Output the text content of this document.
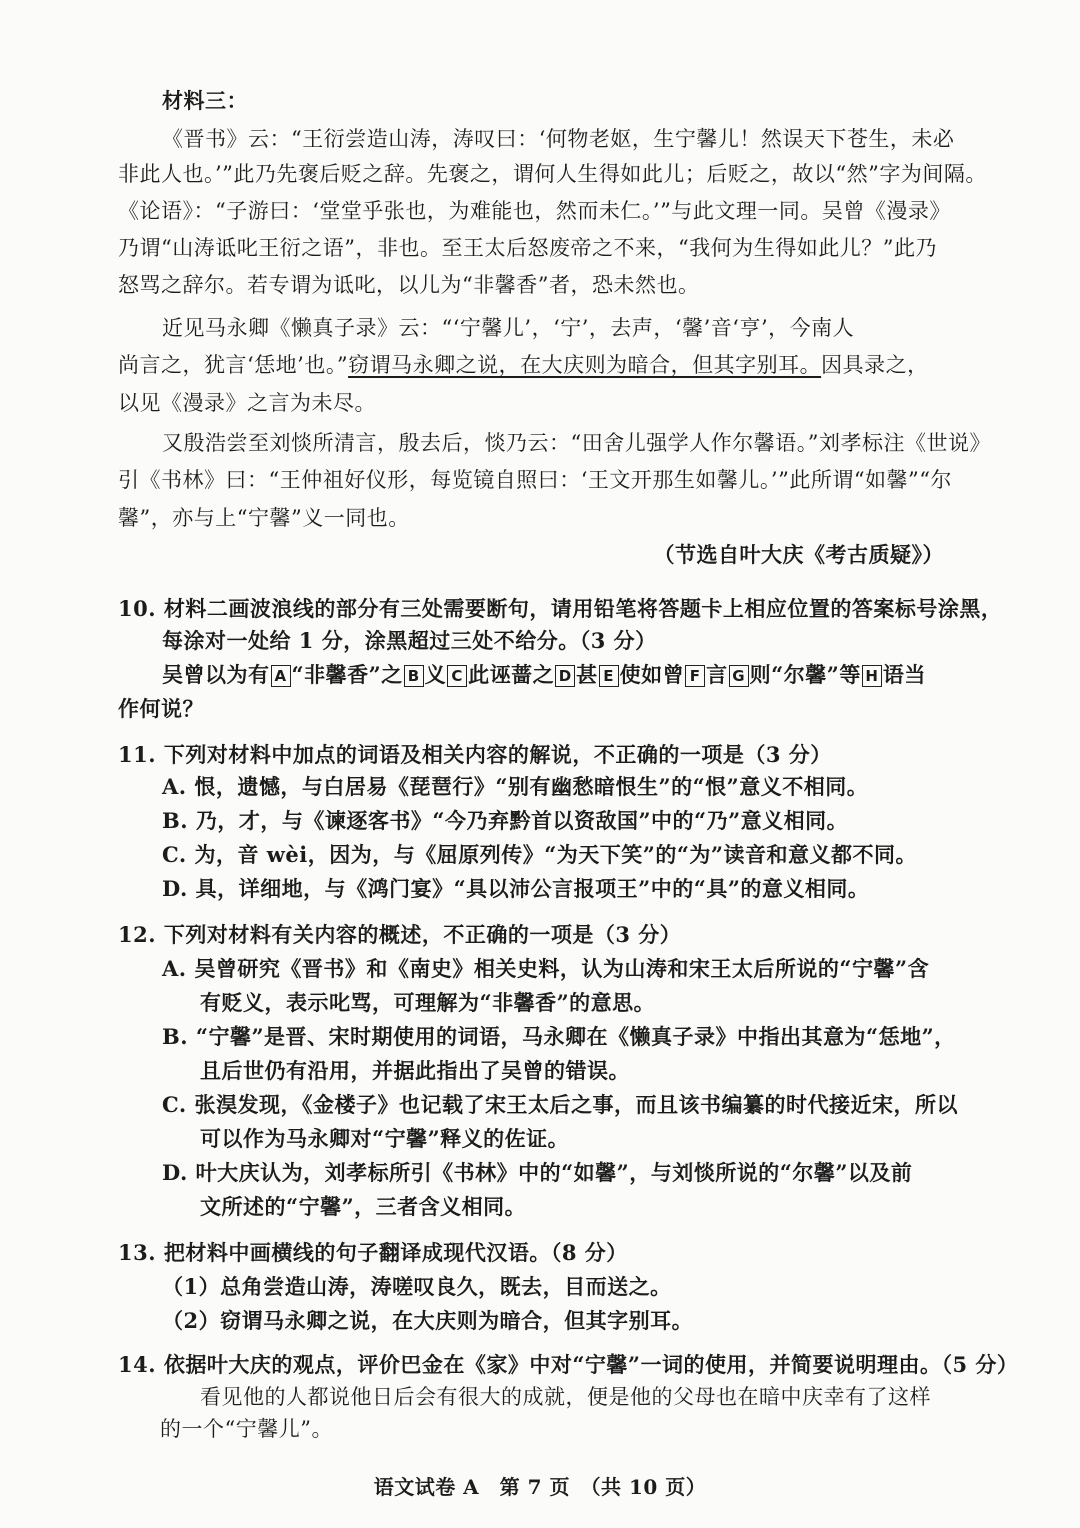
材料三：
《晋书》云：“王衍尝造山涛，涛叹曰：‘何物老妪，生宁馨儿！然误天下苍生，未必
非此人也。’”此乃先褒后贬之辞。先褒之，谓何人生得如此儿；后贬之，故以“然”字为间隔。
《论语》：“子游曰：‘堂堂乎张也，为难能也，然而未仁。’”与此文理一同。吴曾《漫录》
乃谓“山涛诋叱王衍之语”，非也。至王太后怒废帝之不来，“我何为生得如此儿？”此乃
怒骂之辞尔。若专谓为诋叱，以儿为“非馨香”者，恐未然也。
近见马永卿《懒真子录》云：“‘宁馨儿’，‘宁’，去声，‘馨’音‘亨’，今南人
尚言之，犹言‘恁地’也。”窃谓马永卿之说，在大庆则为暗合，但其字别耳。因具录之，
以见《漫录》之言为未尽。
又殷浩尝至刘惔所清言，殷去后，惔乃云：“田舍儿强学人作尔馨语。”刘孝标注《世说》
引《书林》曰：“王仲祖好仪形，每览镜自照曰：‘王文开那生如馨儿。’”此所谓“如馨”“尔
馨”，亦与上“宁馨”义一同也。
（节选自叶大庆《考古质疑》）
10. 材料二画波浪线的部分有三处需要断句，请用铅笔将答题卡上相应位置的答案标号涂黑，
每涂对一处给 1 分，涂黑超过三处不给分。（3 分）
吴曾以为有 A “非馨香”之 B 义 C 此诬蔷之 D 甚 E 使如曾 F 言 G 则“尔馨”等 H 语当
作何说？
11. 下列对材料中加点的词语及相关内容的解说，不正确的一项是（3 分）
A. 恨，遗憾，与白居易《琵琶行》“别有幽愁暗恨生”的“恨”意义不相同。
B. 乃，才，与《谏逐客书》“今乃弃黔首以资敌国”中的“乃”意义相同。
C. 为，音 wèi，因为，与《屈原列传》“为天下笑”的“为”读音和意义都不同。
D. 具，详细地，与《鸿门宴》“具以沛公言报项王”中的“具”的意义相同。
12. 下列对材料有关内容的概述，不正确的一项是（3 分）
A. 吴曾研究《晋书》和《南史》相关史料，认为山涛和宋王太后所说的“宁馨”含
有贬义，表示叱骂，可理解为“非馨香”的意思。
B. “宁馨”是晋、宋时期使用的词语，马永卿在《懒真子录》中指出其意为“恁地”，
且后世仍有沿用，并据此指出了吴曾的错误。
C. 张淏发现，《金楼子》也记载了宋王太后之事，而且该书编纂的时代接近宋，所以
可以作为马永卿对“宁馨”释义的佐证。
D. 叶大庆认为，刘孝标所引《书林》中的“如馨”，与刘惔所说的“尔馨”以及前
文所述的“宁馨”，三者含义相同。
13. 把材料中画横线的句子翻译成现代汉语。（8 分）
（1）总角尝造山涛，涛嗟叹良久，既去，目而送之。
（2）窃谓马永卿之说，在大庆则为暗合，但其字别耳。
14. 依据叶大庆的观点，评价巴金在《家》中对“宁馨”一词的使用，并简要说明理由。（5 分）
看见他的人都说他日后会有很大的成就，便是他的父母也在暗中庆幸有了这样
的一个“宁馨儿”。
语文试卷 A　第 7 页　（共 10 页）
